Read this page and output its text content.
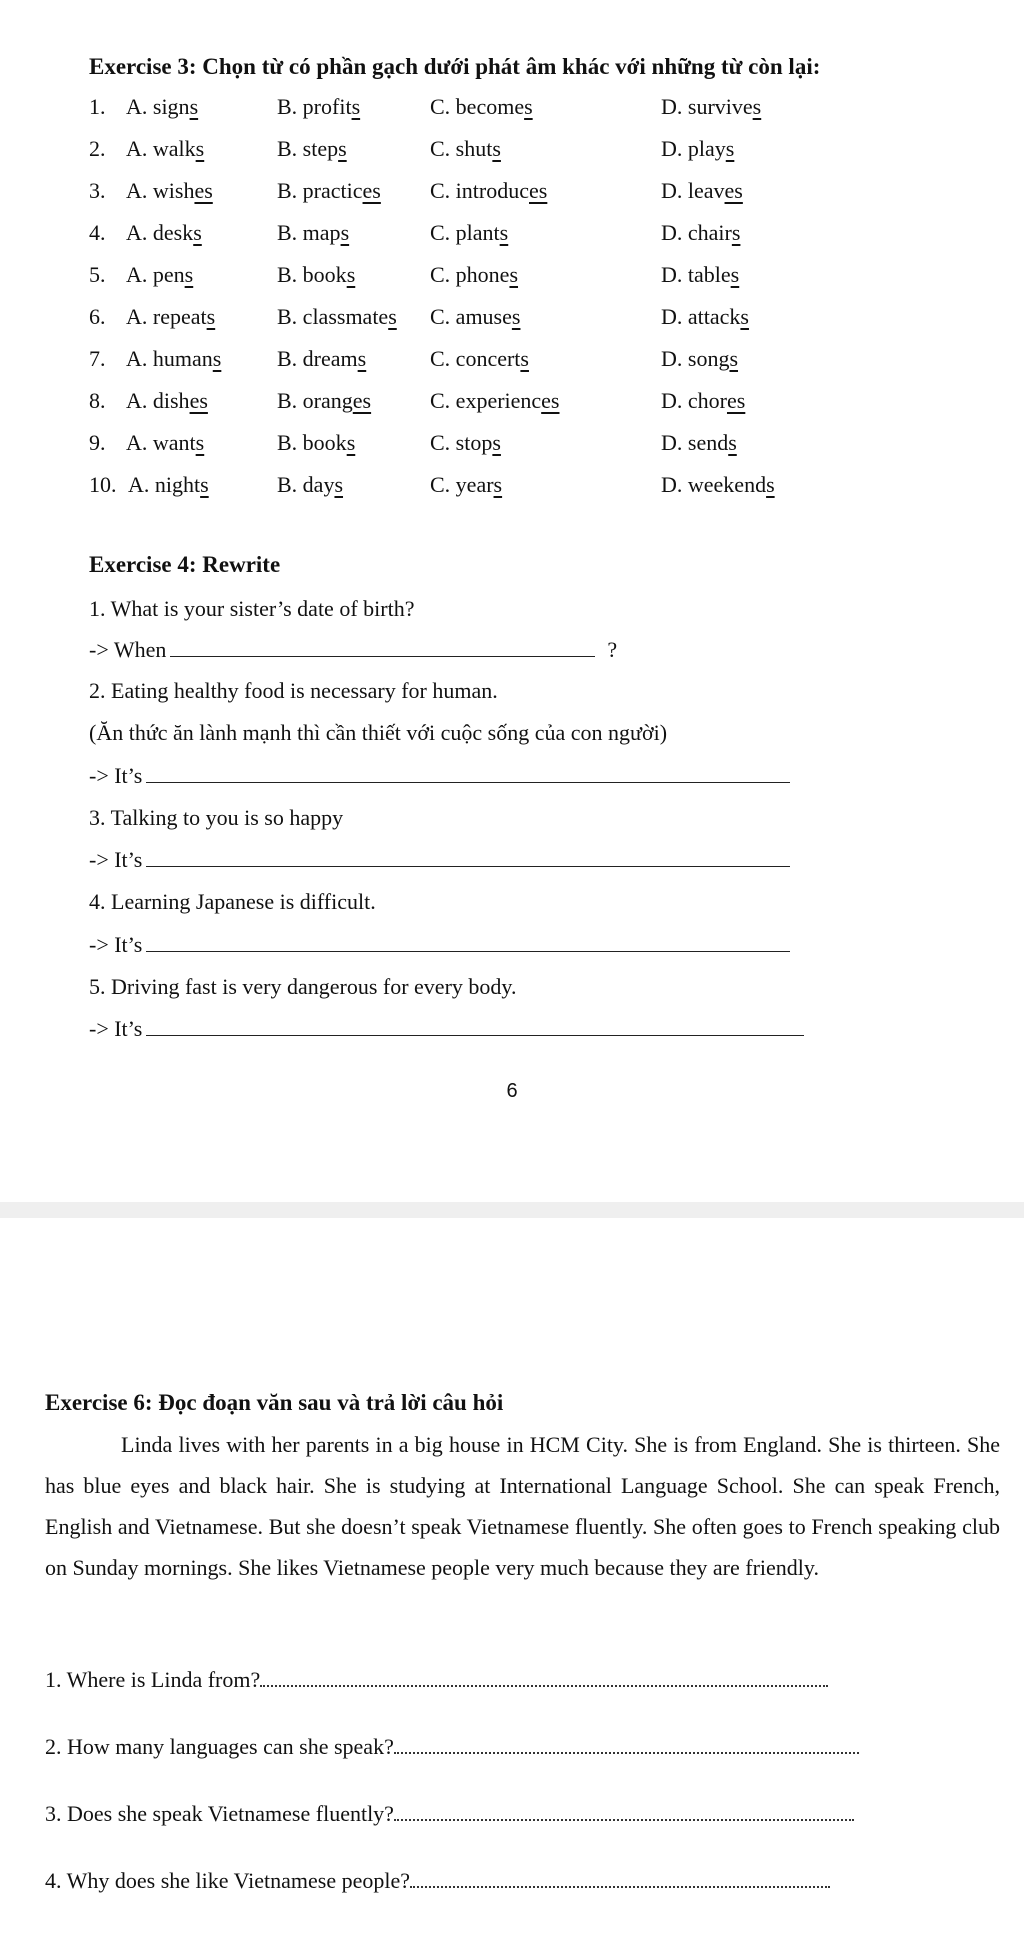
Exercise 3: Chọn từ có phần gạch dưới phát âm khác với những từ còn lại:
1. A. signs	B. profits	C. becomes	D. survives
2. A. walks	B. steps	C. shuts	D. plays
3. A. wishes	B. practices C. introduces	D. leaves
4. A. desks	B. maps	C. plants	D. chairs
5. A. pens	B. books	C. phones	D. tables
6. A. repeats	B. classmates C. amuses	D. attacks
7. A. humans	B. dreams	C. concerts	D. songs
8. A. dishes	B. oranges	C. experiences	D. chores
9. A. wants	B. books	C. stops	D. sends
10. A. nights	B. days	C. years	D. weekends
Exercise 4: Rewrite
1. What is your sister’s date of birth?
-> When	?
2. Eating healthy food is necessary for human.
(Ăn thức ăn lành mạnh thì cần thiết với cuộc sống của con người)
-> It’s
3. Talking to you is so happy
-> It’s
4. Learning Japanese is difficult.
-> It’s
5. Driving fast is very dangerous for every body.
-> It’s
6
Exercise 6: Đọc đoạn văn sau và trả lời câu hỏi
Linda lives with her parents in a big house in HCM City. She is from England. She is thirteen. She has blue eyes and black hair. She is studying at International Language School. She can speak French, English and Vietnamese. But she doesn’t speak Vietnamese fluently. She often goes to French speaking club on Sunday mornings. She likes Vietnamese people very much because they are friendly.
1. Where is Linda from?
2. How many languages can she speak?
3. Does she speak Vietnamese fluently?
4. Why does she like Vietnamese people?
